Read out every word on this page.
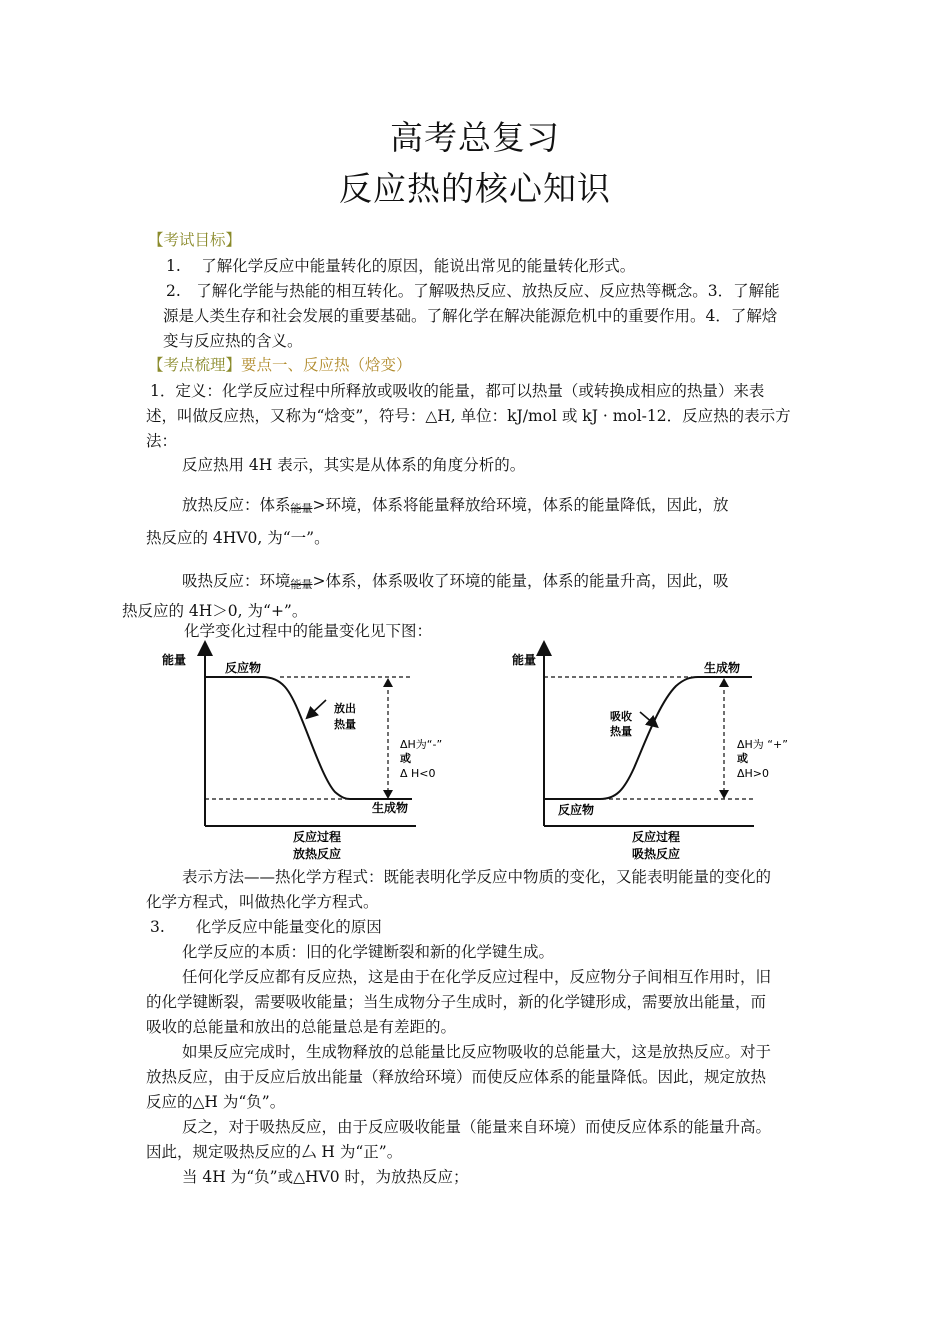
高考总复习
反应热的核心知识
【考试目标】
1.　 了解化学反应中能量转化的原因，能说出常见的能量转化形式。
2.　了解化学能与热能的相互转化。了解吸热反应、放热反应、反应热等概念。3．了解能
源是人类生存和社会发展的重要基础。了解化学在解决能源危机中的重要作用。4．了解焓
变与反应热的含义。
【考点梳理】要点一、反应热（焓变）
1．定义：化学反应过程中所释放或吸收的能量，都可以热量（或转换成相应的热量）来表
述，叫做反应热，又称为“焓变”，符号：△H, 单位：kJ/mol 或 kJ · mol-12．反应热的表示方
法：
反应热用 4H 表示，其实是从体系的角度分析的。
放热反应：体系能量>环境，体系将能量释放给环境，体系的能量降低，因此，放
热反应的 4HV0, 为“一”。
吸热反应：环境能量>体系，体系吸收了环境的能量，体系的能量升高，因此，吸
热反应的 4H＞0, 为“+”。
化学变化过程中的能量变化见下图：
能量
反应物
放出
热量
ΔH为“-”
或
Δ H<0
生成物
反应过程
放热反应
能量
生成物
吸收
热量
ΔH为 “+”
或
ΔH>0
反应物
反应过程
吸热反应
表示方法——热化学方程式：既能表明化学反应中物质的变化，又能表明能量的变化的
化学方程式，叫做热化学方程式。
3.　　化学反应中能量变化的原因
化学反应的本质：旧的化学键断裂和新的化学键生成。
任何化学反应都有反应热，这是由于在化学反应过程中，反应物分子间相互作用时，旧
的化学键断裂，需要吸收能量；当生成物分子生成时，新的化学键形成，需要放出能量，而
吸收的总能量和放出的总能量总是有差距的。
如果反应完成时，生成物释放的总能量比反应物吸收的总能量大，这是放热反应。对于
放热反应，由于反应后放出能量（释放给环境）而使反应体系的能量降低。因此，规定放热
反应的△H 为“负”。
反之，对于吸热反应，由于反应吸收能量（能量来自环境）而使反应体系的能量升高。
因此，规定吸热反应的厶 H 为“正”。
当 4H 为“负”或△HV0 时，为放热反应；
